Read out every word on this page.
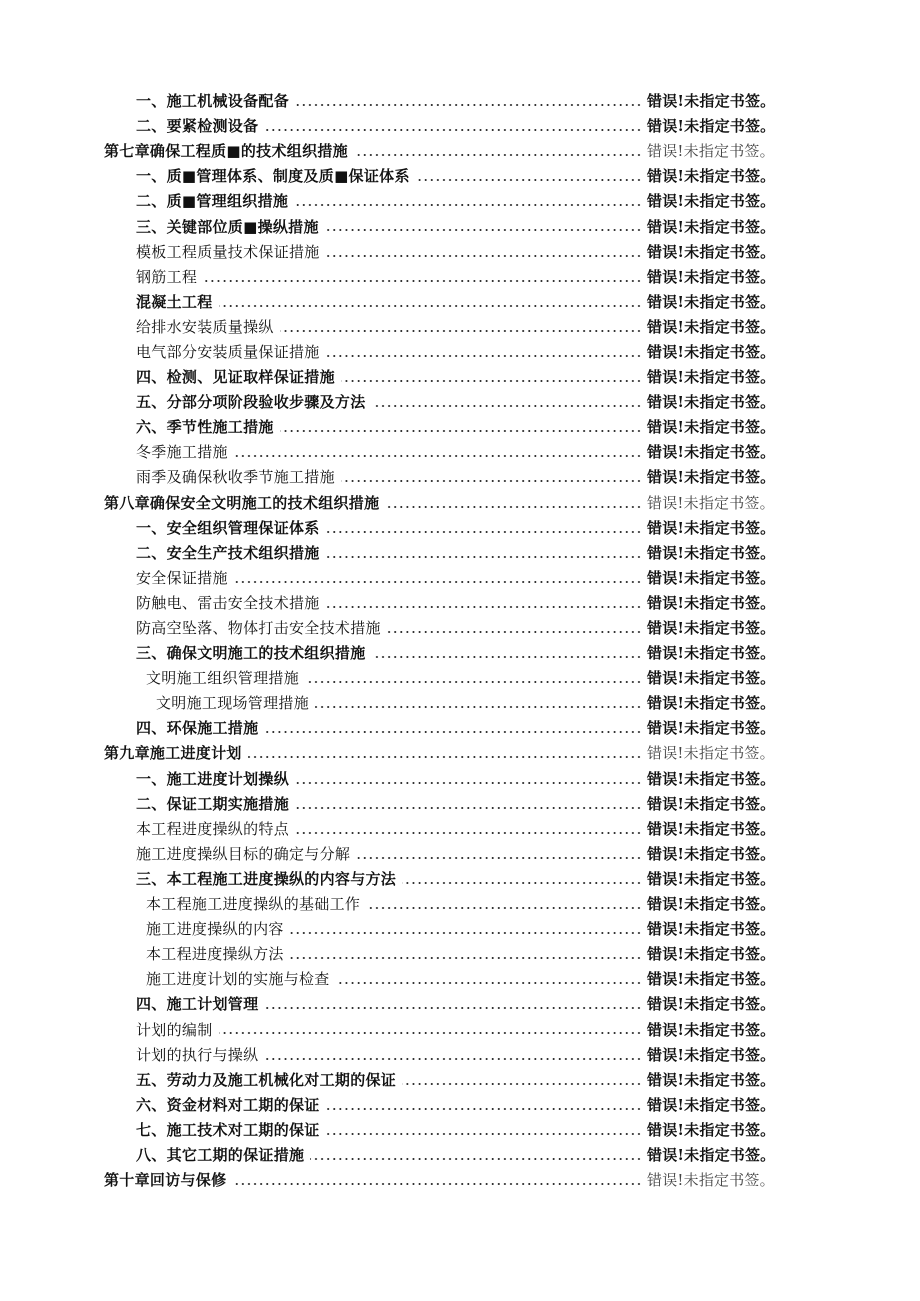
一、施工机械设备配备	错误!未指定书签。
二、要紧检测设备	错误!未指定书签。
第七章确保工程质■的技术组织措施	错误!未指定书签。
一、质■管理体系、制度及质■保证体系	错误!未指定书签。
二、质■管理组织措施	错误!未指定书签。
三、关键部位质■操纵措施	错误!未指定书签。
模板工程质量技术保证措施	错误!未指定书签。
钢筋工程	错误!未指定书签。
混凝土工程	错误!未指定书签。
给排水安装质量操纵	错误!未指定书签。
电气部分安装质量保证措施	错误!未指定书签。
四、检测、见证取样保证措施	错误!未指定书签。
五、分部分项阶段验收步骤及方法	错误!未指定书签。
六、季节性施工措施	错误!未指定书签。
冬季施工措施	错误!未指定书签。
雨季及确保秋收季节施工措施	错误!未指定书签。
第八章确保安全文明施工的技术组织措施	错误!未指定书签。
一、安全组织管理保证体系	错误!未指定书签。
二、安全生产技术组织措施	错误!未指定书签。
安全保证措施	错误!未指定书签。
防触电、雷击安全技术措施	错误!未指定书签。
防高空坠落、物体打击安全技术措施	错误!未指定书签。
三、确保文明施工的技术组织措施	错误!未指定书签。
文明施工组织管理措施	错误!未指定书签。
文明施工现场管理措施	错误!未指定书签。
四、环保施工措施	错误!未指定书签。
第九章施工进度计划	错误!未指定书签。
一、施工进度计划操纵	错误!未指定书签。
二、保证工期实施措施	错误!未指定书签。
本工程进度操纵的特点	错误!未指定书签。
施工进度操纵目标的确定与分解	错误!未指定书签。
三、本工程施工进度操纵的内容与方法	错误!未指定书签。
本工程施工进度操纵的基础工作	错误!未指定书签。
施工进度操纵的内容	错误!未指定书签。
本工程进度操纵方法	错误!未指定书签。
施工进度计划的实施与检查	错误!未指定书签。
四、施工计划管理	错误!未指定书签。
计划的编制	错误!未指定书签。
计划的执行与操纵	错误!未指定书签。
五、劳动力及施工机械化对工期的保证	错误!未指定书签。
六、资金材料对工期的保证	错误!未指定书签。
七、施工技术对工期的保证	错误!未指定书签。
八、其它工期的保证措施	错误!未指定书签。
第十章回访与保修	错误!未指定书签。
